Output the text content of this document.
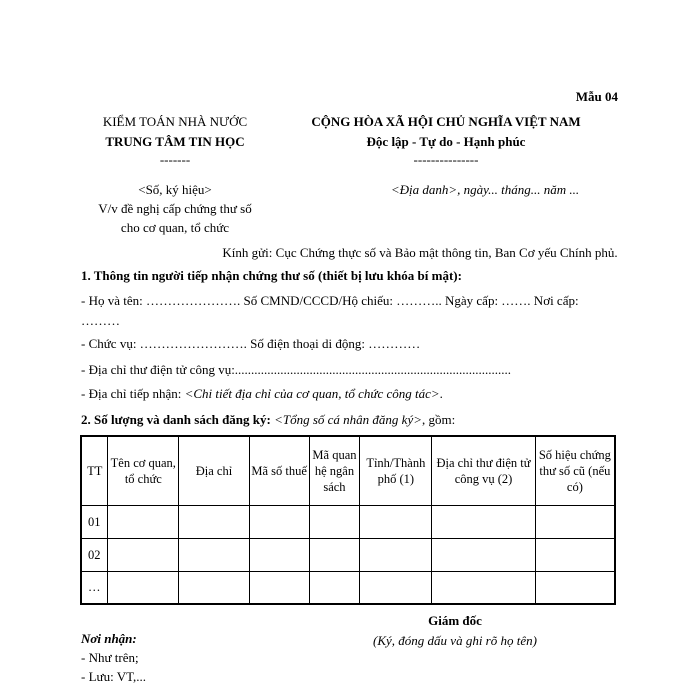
Mẫu 04
KIỂM TOÁN NHÀ NƯỚC
TRUNG TÂM TIN HỌC
-------
CỘNG HÒA XÃ HỘI CHỦ NGHĨA VIỆT NAM
Độc lập - Tự do - Hạnh phúc
---------------
<Số, ký hiệu>
V/v đề nghị cấp chứng thư số
cho cơ quan, tổ chức
<Địa danh>, ngày... tháng... năm ...
Kính gửi: Cục Chứng thực số và Bảo mật thông tin, Ban Cơ yếu Chính phủ.
1. Thông tin người tiếp nhận chứng thư số (thiết bị lưu khóa bí mật):
- Họ và tên: …………………. Số CMND/CCCD/Hộ chiếu: ……….. Ngày cấp: ……. Nơi cấp:
………
- Chức vụ: ……………………. Số điện thoại di động: …………
- Địa chỉ thư điện tử công vụ:.....................................................................................
- Địa chỉ tiếp nhận: <Chi tiết địa chỉ của cơ quan, tổ chức công tác>.
2. Số lượng và danh sách đăng ký: <Tổng số cá nhân đăng ký>, gồm:
TT	Tên cơ quan, tổ chức	Địa chỉ	Mã số thuế	Mã quan hệ ngân sách	Tỉnh/Thành phố (1)	Địa chỉ thư điện tử công vụ (2)	Số hiệu chứng thư số cũ (nếu có)
01							
02							
…							
Giám đốc
(Ký, đóng dấu và ghi rõ họ tên)
Nơi nhận:
- Như trên;
- Lưu: VT,...
